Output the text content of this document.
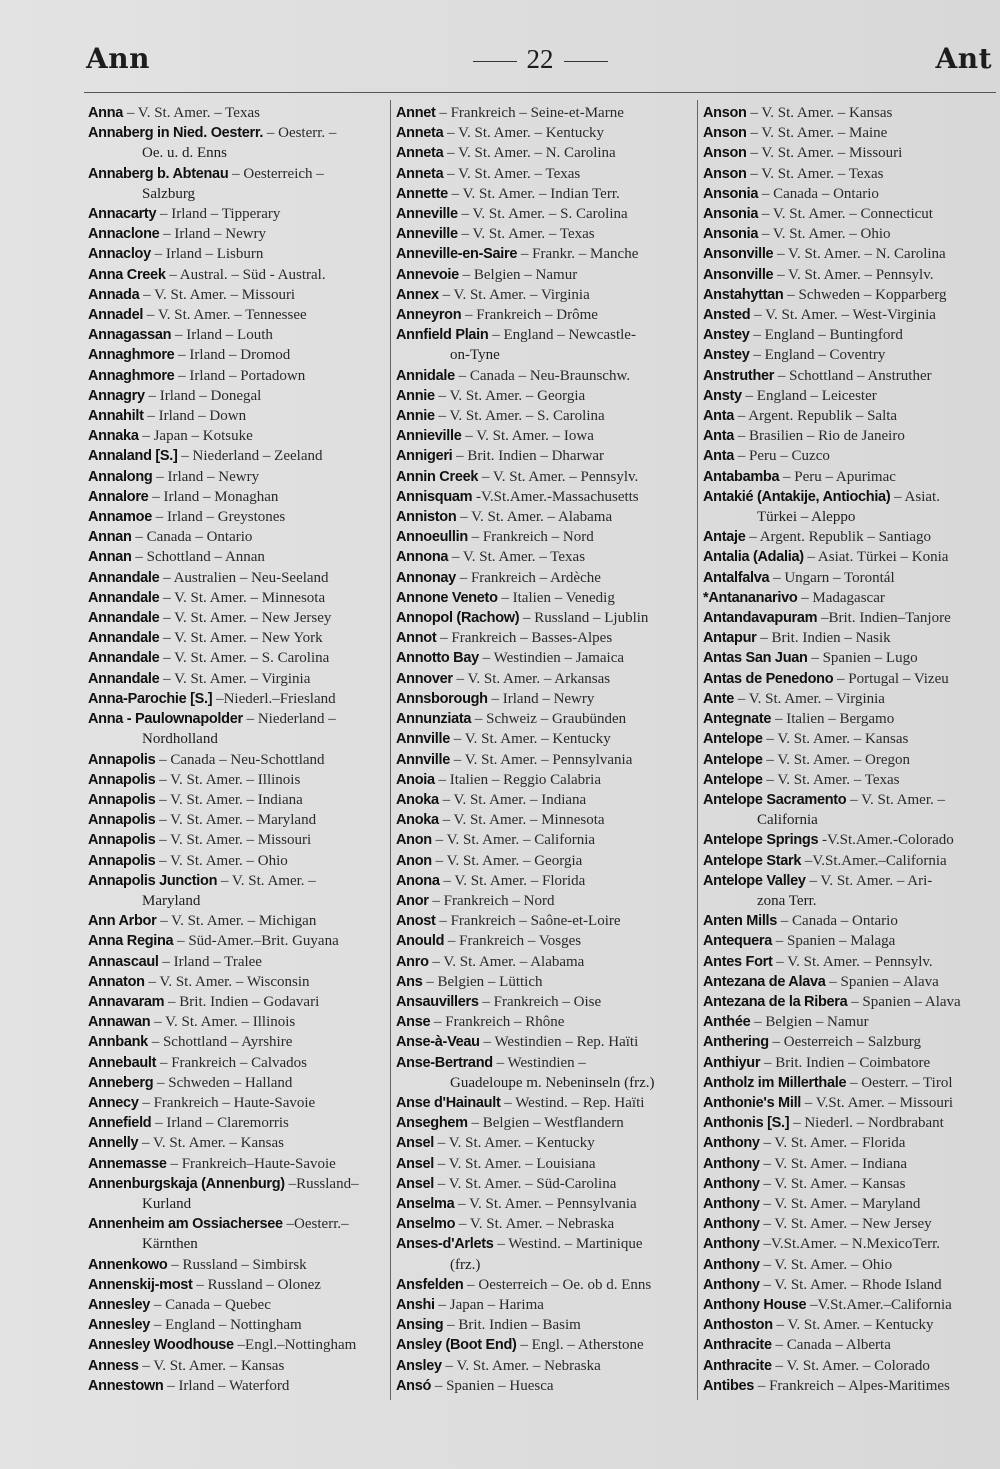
Ann	22	Ant
Anna – V. St. Amer. – Texas
Annaberg in Nied. Oesterr. – Oesterr. –
Oe. u. d. Enns
Annaberg b. Abtenau – Oesterreich –
Salzburg
Annacarty – Irland – Tipperary
Annaclone – Irland – Newry
Annacloy – Irland – Lisburn
Anna Creek – Austral. – Süd - Austral.
Annada – V. St. Amer. – Missouri
Annadel – V. St. Amer. – Tennessee
Annagassan – Irland – Louth
Annaghmore – Irland – Dromod
Annaghmore – Irland – Portadown
Annagry – Irland – Donegal
Annahilt – Irland – Down
Annaka – Japan – Kotsuke
Annaland [S.] – Niederland – Zeeland
Annalong – Irland – Newry
Annalore – Irland – Monaghan
Annamoe – Irland – Greystones
Annan – Canada – Ontario
Annan – Schottland – Annan
Annandale – Australien – Neu-Seeland
Annandale – V. St. Amer. – Minnesota
Annandale – V. St. Amer. – New Jersey
Annandale – V. St. Amer. – New York
Annandale – V. St. Amer. – S. Carolina
Annandale – V. St. Amer. – Virginia
Anna-Parochie [S.] –Niederl.–Friesland
Anna - Paulownapolder – Niederland –
Nordholland
Annapolis – Canada – Neu-Schottland
Annapolis – V. St. Amer. – Illinois
Annapolis – V. St. Amer. – Indiana
Annapolis – V. St. Amer. – Maryland
Annapolis – V. St. Amer. – Missouri
Annapolis – V. St. Amer. – Ohio
Annapolis Junction – V. St. Amer. –
Maryland
Ann Arbor – V. St. Amer. – Michigan
Anna Regina – Süd-Amer.–Brit. Guyana
Annascaul – Irland – Tralee
Annaton – V. St. Amer. – Wisconsin
Annavaram – Brit. Indien – Godavari
Annawan – V. St. Amer. – Illinois
Annbank – Schottland – Ayrshire
Annebault – Frankreich – Calvados
Anneberg – Schweden – Halland
Annecy – Frankreich – Haute-Savoie
Annefield – Irland – Claremorris
Annelly – V. St. Amer. – Kansas
Annemasse – Frankreich–Haute-Savoie
Annenburgskaja (Annenburg) –Russland–
Kurland
Annenheim am Ossiachersee –Oesterr.–
Kärnthen
Annenkowo – Russland – Simbirsk
Annenskij-most – Russland – Olonez
Annesley – Canada – Quebec
Annesley – England – Nottingham
Annesley Woodhouse –Engl.–Nottingham
Anness – V. St. Amer. – Kansas
Annestown – Irland – Waterford
Annet – Frankreich – Seine-et-Marne
Anneta – V. St. Amer. – Kentucky
Anneta – V. St. Amer. – N. Carolina
Anneta – V. St. Amer. – Texas
Annette – V. St. Amer. – Indian Terr.
Anneville – V. St. Amer. – S. Carolina
Anneville – V. St. Amer. – Texas
Anneville-en-Saire – Frankr. – Manche
Annevoie – Belgien – Namur
Annex – V. St. Amer. – Virginia
Anneyron – Frankreich – Drôme
Annfield Plain – England – Newcastle-
on-Tyne
Annidale – Canada – Neu-Braunschw.
Annie – V. St. Amer. – Georgia
Annie – V. St. Amer. – S. Carolina
Annieville – V. St. Amer. – Iowa
Annigeri – Brit. Indien – Dharwar
Annin Creek – V. St. Amer. – Pennsylv.
Annisquam -V.St.Amer.-Massachusetts
Anniston – V. St. Amer. – Alabama
Annoeullin – Frankreich – Nord
Annona – V. St. Amer. – Texas
Annonay – Frankreich – Ardèche
Annone Veneto – Italien – Venedig
Annopol (Rachow) – Russland – Ljublin
Annot – Frankreich – Basses-Alpes
Annotto Bay – Westindien – Jamaica
Annover – V. St. Amer. – Arkansas
Annsborough – Irland – Newry
Annunziata – Schweiz – Graubünden
Annville – V. St. Amer. – Kentucky
Annville – V. St. Amer. – Pennsylvania
Anoia – Italien – Reggio Calabria
Anoka – V. St. Amer. – Indiana
Anoka – V. St. Amer. – Minnesota
Anon – V. St. Amer. – California
Anon – V. St. Amer. – Georgia
Anona – V. St. Amer. – Florida
Anor – Frankreich – Nord
Anost – Frankreich – Saône-et-Loire
Anould – Frankreich – Vosges
Anro – V. St. Amer. – Alabama
Ans – Belgien – Lüttich
Ansauvillers – Frankreich – Oise
Anse – Frankreich – Rhône
Anse-à-Veau – Westindien – Rep. Haïti
Anse-Bertrand – Westindien –
Guadeloupe m. Nebeninseln (frz.)
Anse d'Hainault – Westind. – Rep. Haïti
Anseghem – Belgien – Westflandern
Ansel – V. St. Amer. – Kentucky
Ansel – V. St. Amer. – Louisiana
Ansel – V. St. Amer. – Süd-Carolina
Anselma – V. St. Amer. – Pennsylvania
Anselmo – V. St. Amer. – Nebraska
Anses-d'Arlets – Westind. – Martinique
(frz.)
Ansfelden – Oesterreich – Oe. ob d. Enns
Anshi – Japan – Harima
Ansing – Brit. Indien – Basim
Ansley (Boot End) – Engl. – Atherstone
Ansley – V. St. Amer. – Nebraska
Ansó – Spanien – Huesca
Anson – V. St. Amer. – Kansas
Anson – V. St. Amer. – Maine
Anson – V. St. Amer. – Missouri
Anson – V. St. Amer. – Texas
Ansonia – Canada – Ontario
Ansonia – V. St. Amer. – Connecticut
Ansonia – V. St. Amer. – Ohio
Ansonville – V. St. Amer. – N. Carolina
Ansonville – V. St. Amer. – Pennsylv.
Anstahyttan – Schweden – Kopparberg
Ansted – V. St. Amer. – West-Virginia
Anstey – England – Buntingford
Anstey – England – Coventry
Anstruther – Schottland – Anstruther
Ansty – England – Leicester
Anta – Argent. Republik – Salta
Anta – Brasilien – Rio de Janeiro
Anta – Peru – Cuzco
Antabamba – Peru – Apurimac
Antakié (Antakije, Antiochia) – Asiat.
Türkei – Aleppo
Antaje – Argent. Republik – Santiago
Antalia (Adalia) – Asiat. Türkei – Konia
Antalfalva – Ungarn – Torontál
*Antananarivo – Madagascar
Antandavapuram –Brit. Indien–Tanjore
Antapur – Brit. Indien – Nasik
Antas San Juan – Spanien – Lugo
Antas de Penedono – Portugal – Vizeu
Ante – V. St. Amer. – Virginia
Antegnate – Italien – Bergamo
Antelope – V. St. Amer. – Kansas
Antelope – V. St. Amer. – Oregon
Antelope – V. St. Amer. – Texas
Antelope Sacramento – V. St. Amer. –
California
Antelope Springs -V.St.Amer.-Colorado
Antelope Stark –V.St.Amer.–California
Antelope Valley – V. St. Amer. – Ari-
zona Terr.
Anten Mills – Canada – Ontario
Antequera – Spanien – Malaga
Antes Fort – V. St. Amer. – Pennsylv.
Antezana de Alava – Spanien – Alava
Antezana de la Ribera – Spanien – Alava
Anthée – Belgien – Namur
Anthering – Oesterreich – Salzburg
Anthiyur – Brit. Indien – Coimbatore
Antholz im Millerthale – Oesterr. – Tirol
Anthonie's Mill – V.St. Amer. – Missouri
Anthonis [S.] – Niederl. – Nordbrabant
Anthony – V. St. Amer. – Florida
Anthony – V. St. Amer. – Indiana
Anthony – V. St. Amer. – Kansas
Anthony – V. St. Amer. – Maryland
Anthony – V. St. Amer. – New Jersey
Anthony –V.St.Amer. – N.MexicoTerr.
Anthony – V. St. Amer. – Ohio
Anthony – V. St. Amer. – Rhode Island
Anthony House –V.St.Amer.–California
Anthoston – V. St. Amer. – Kentucky
Anthracite – Canada – Alberta
Anthracite – V. St. Amer. – Colorado
Antibes – Frankreich – Alpes-Maritimes
